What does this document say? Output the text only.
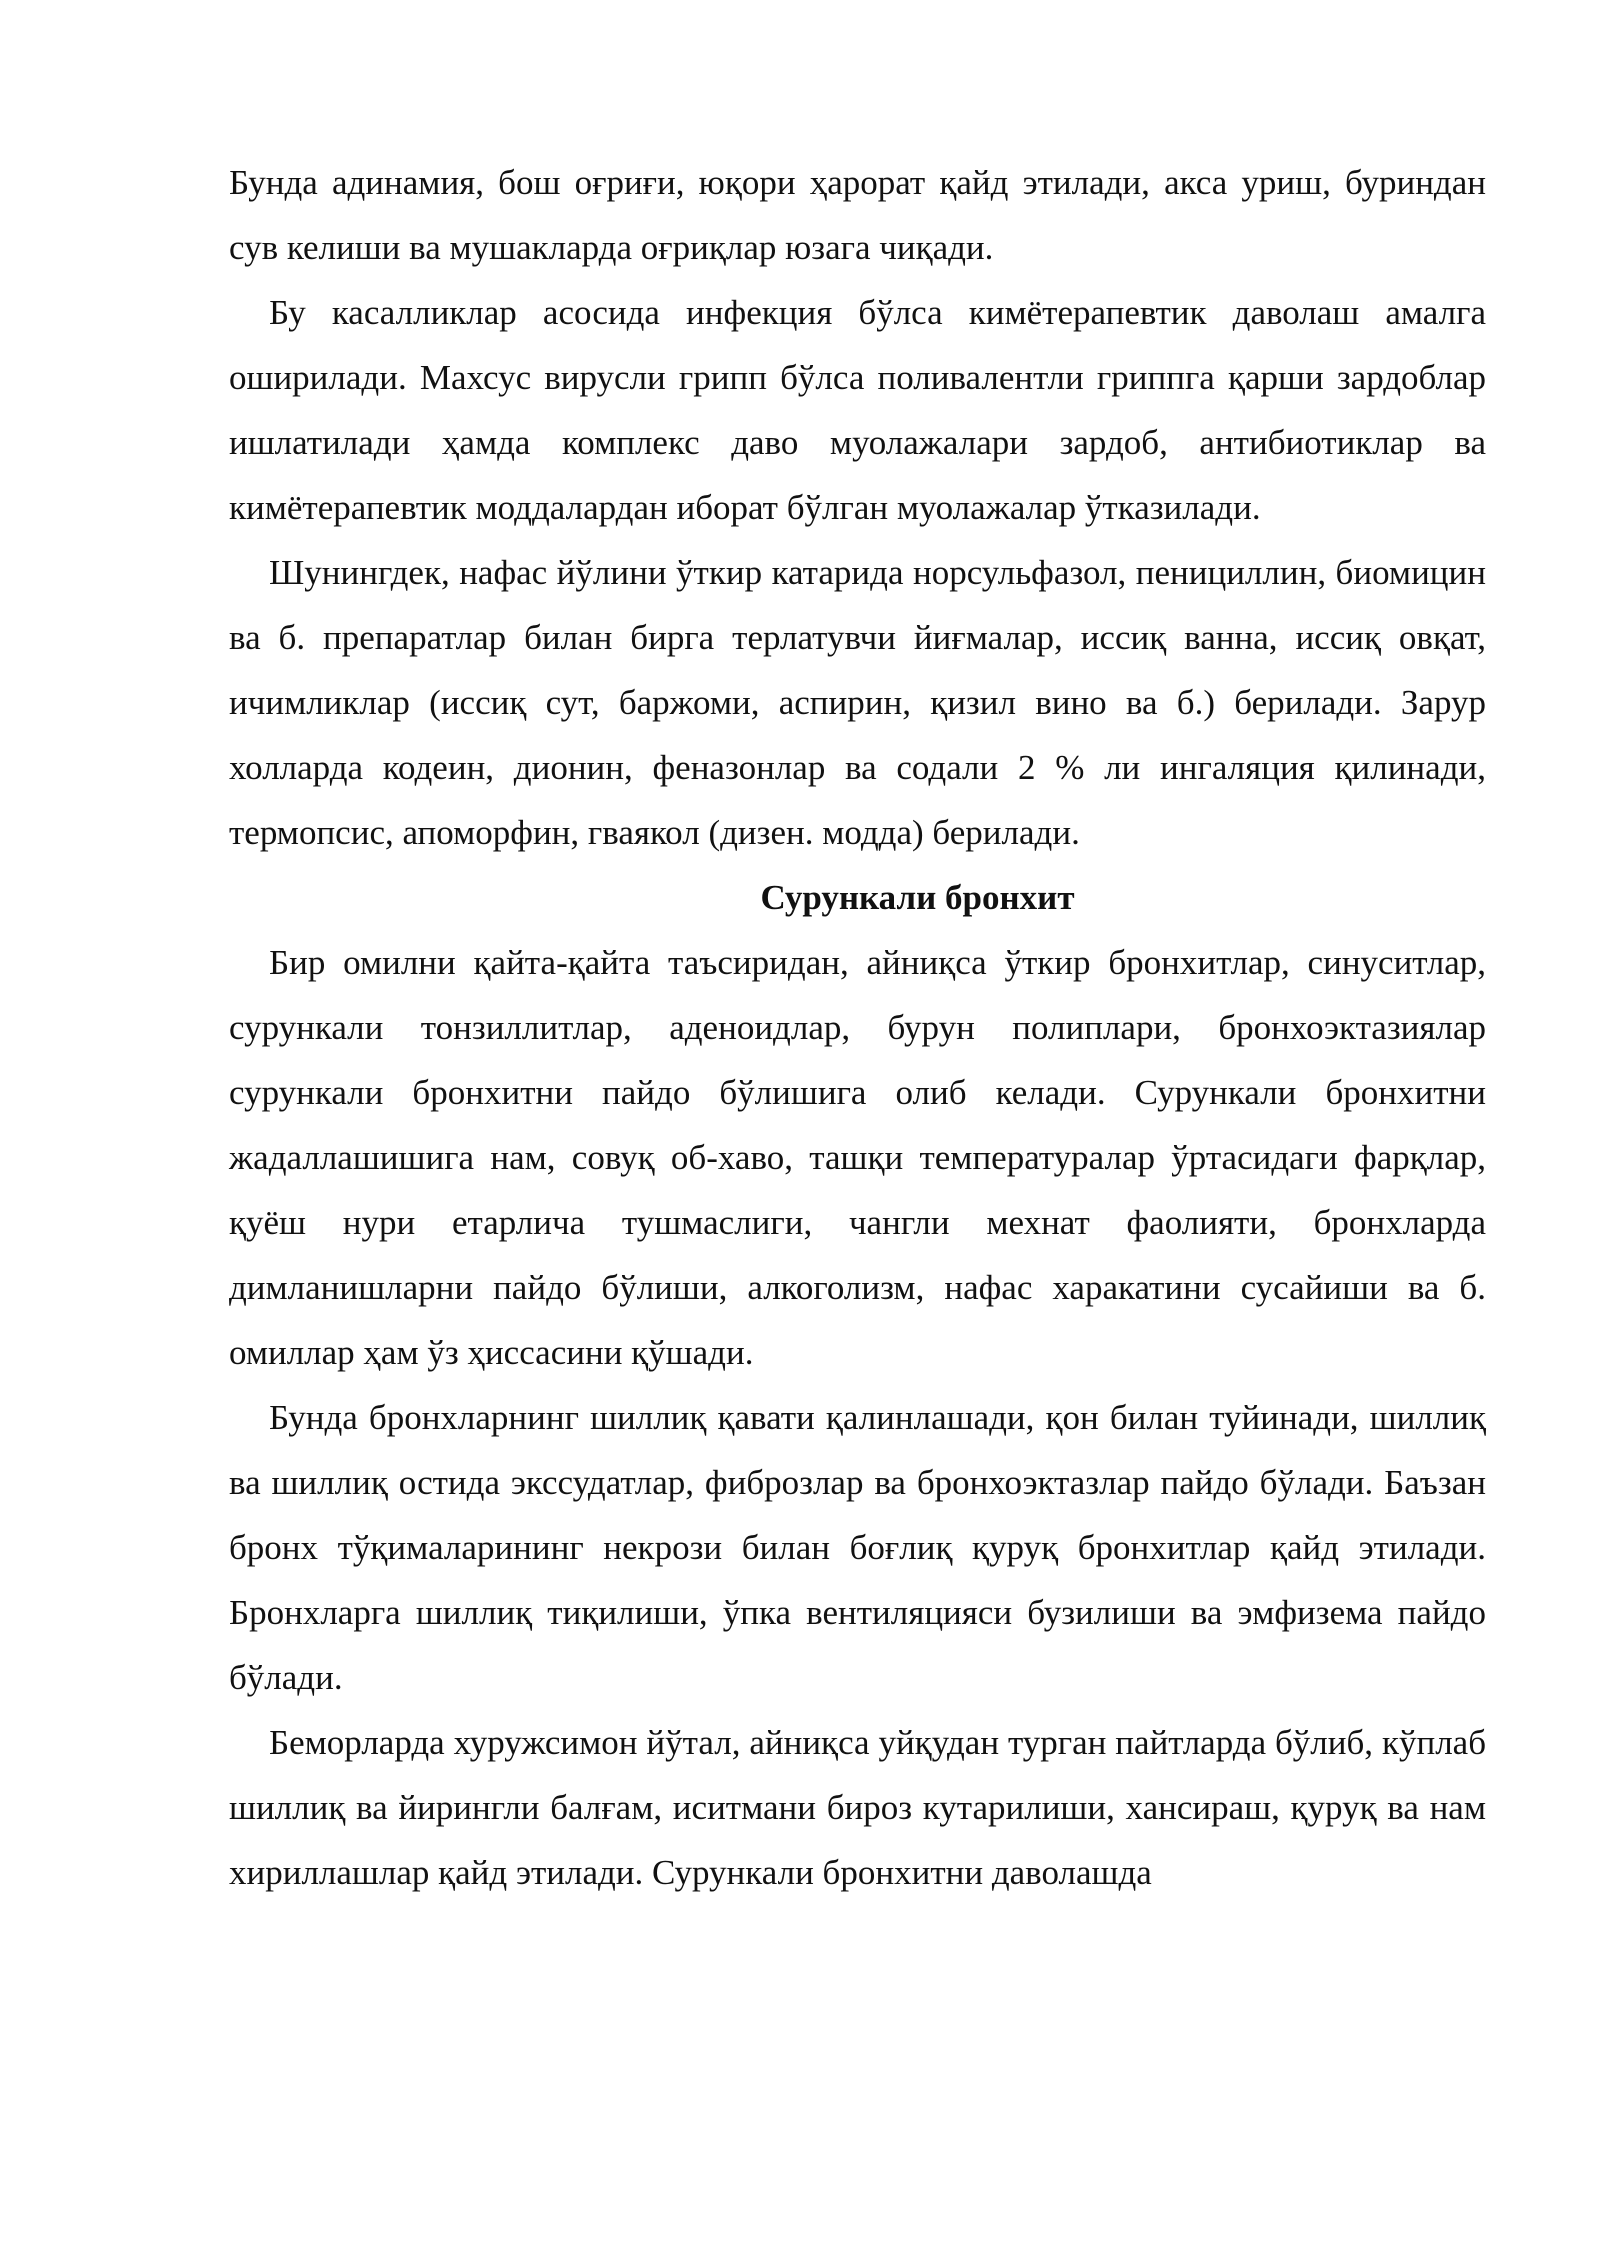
Бунда адинамия, бош оғриғи, юқори ҳарорат қайд этилади, акса уриш, буриндан сув келиши ва мушакларда оғриқлар юзага чиқади.

Бу касалликлар асосида инфекция бўлса кимётерапевтик даволаш амалга оширилади. Махсус вирусли грипп бўлса поливалентли гриппга қарши зардоблар ишлатилади ҳамда комплекс даво муолажалари зардоб, антибиотиклар ва кимётерапевтик моддалардан иборат бўлган муолажалар ўтказилади.

Шунингдек, нафас йўлини ўткир катарида норсульфазол, пенициллин, биомицин ва б. препаратлар билан бирга терлатувчи йиғмалар, иссиқ ванна, иссиқ овқат, ичимликлар (иссиқ сут, баржоми, аспирин, қизил вино ва б.) берилади. Зарур холларда кодеин, дионин, феназонлар ва содали 2 % ли ингаляция қилинади, термопсис, апоморфин, гваякол (дизен. модда) берилади.

Сурункали бронхит

Бир омилни қайта-қайта таъсиридан, айниқса ўткир бронхитлар, синуситлар, сурункали тонзиллитлар, аденоидлар, бурун полиплари, бронхоэктазиялар сурункали бронхитни пайдо бўлишига олиб келади. Сурункали бронхитни жадаллашишига нам, совуқ об-хаво, ташқи температуралар ўртасидаги фарқлар, қуёш нури етарлича тушмаслиги, чангли мехнат фаолияти, бронхларда димланишларни пайдо бўлиши, алкоголизм, нафас харакатини сусайиши ва б. омиллар ҳам ўз ҳиссасини қўшади.

Бунда бронхларнинг шиллиқ қавати қалинлашади, қон билан туйинади, шиллиқ ва шиллиқ остида экссудатлар, фиброзлар ва бронхоэктазлар пайдо бўлади. Баъзан бронх тўқималарининг некрози билан боғлиқ қуруқ бронхитлар қайд этилади. Бронхларга шиллиқ тиқилиши, ўпка вентиляцияси бузилиши ва эмфизема пайдо бўлади.

Беморларда хуружсимон йўтал, айниқса уйқудан турган пайтларда бўлиб, кўплаб шиллиқ ва йирингли балғам, иситмани бироз кутарилиши, хансираш, қуруқ ва нам хириллашлар қайд этилади. Сурункали бронхитни даволашда
